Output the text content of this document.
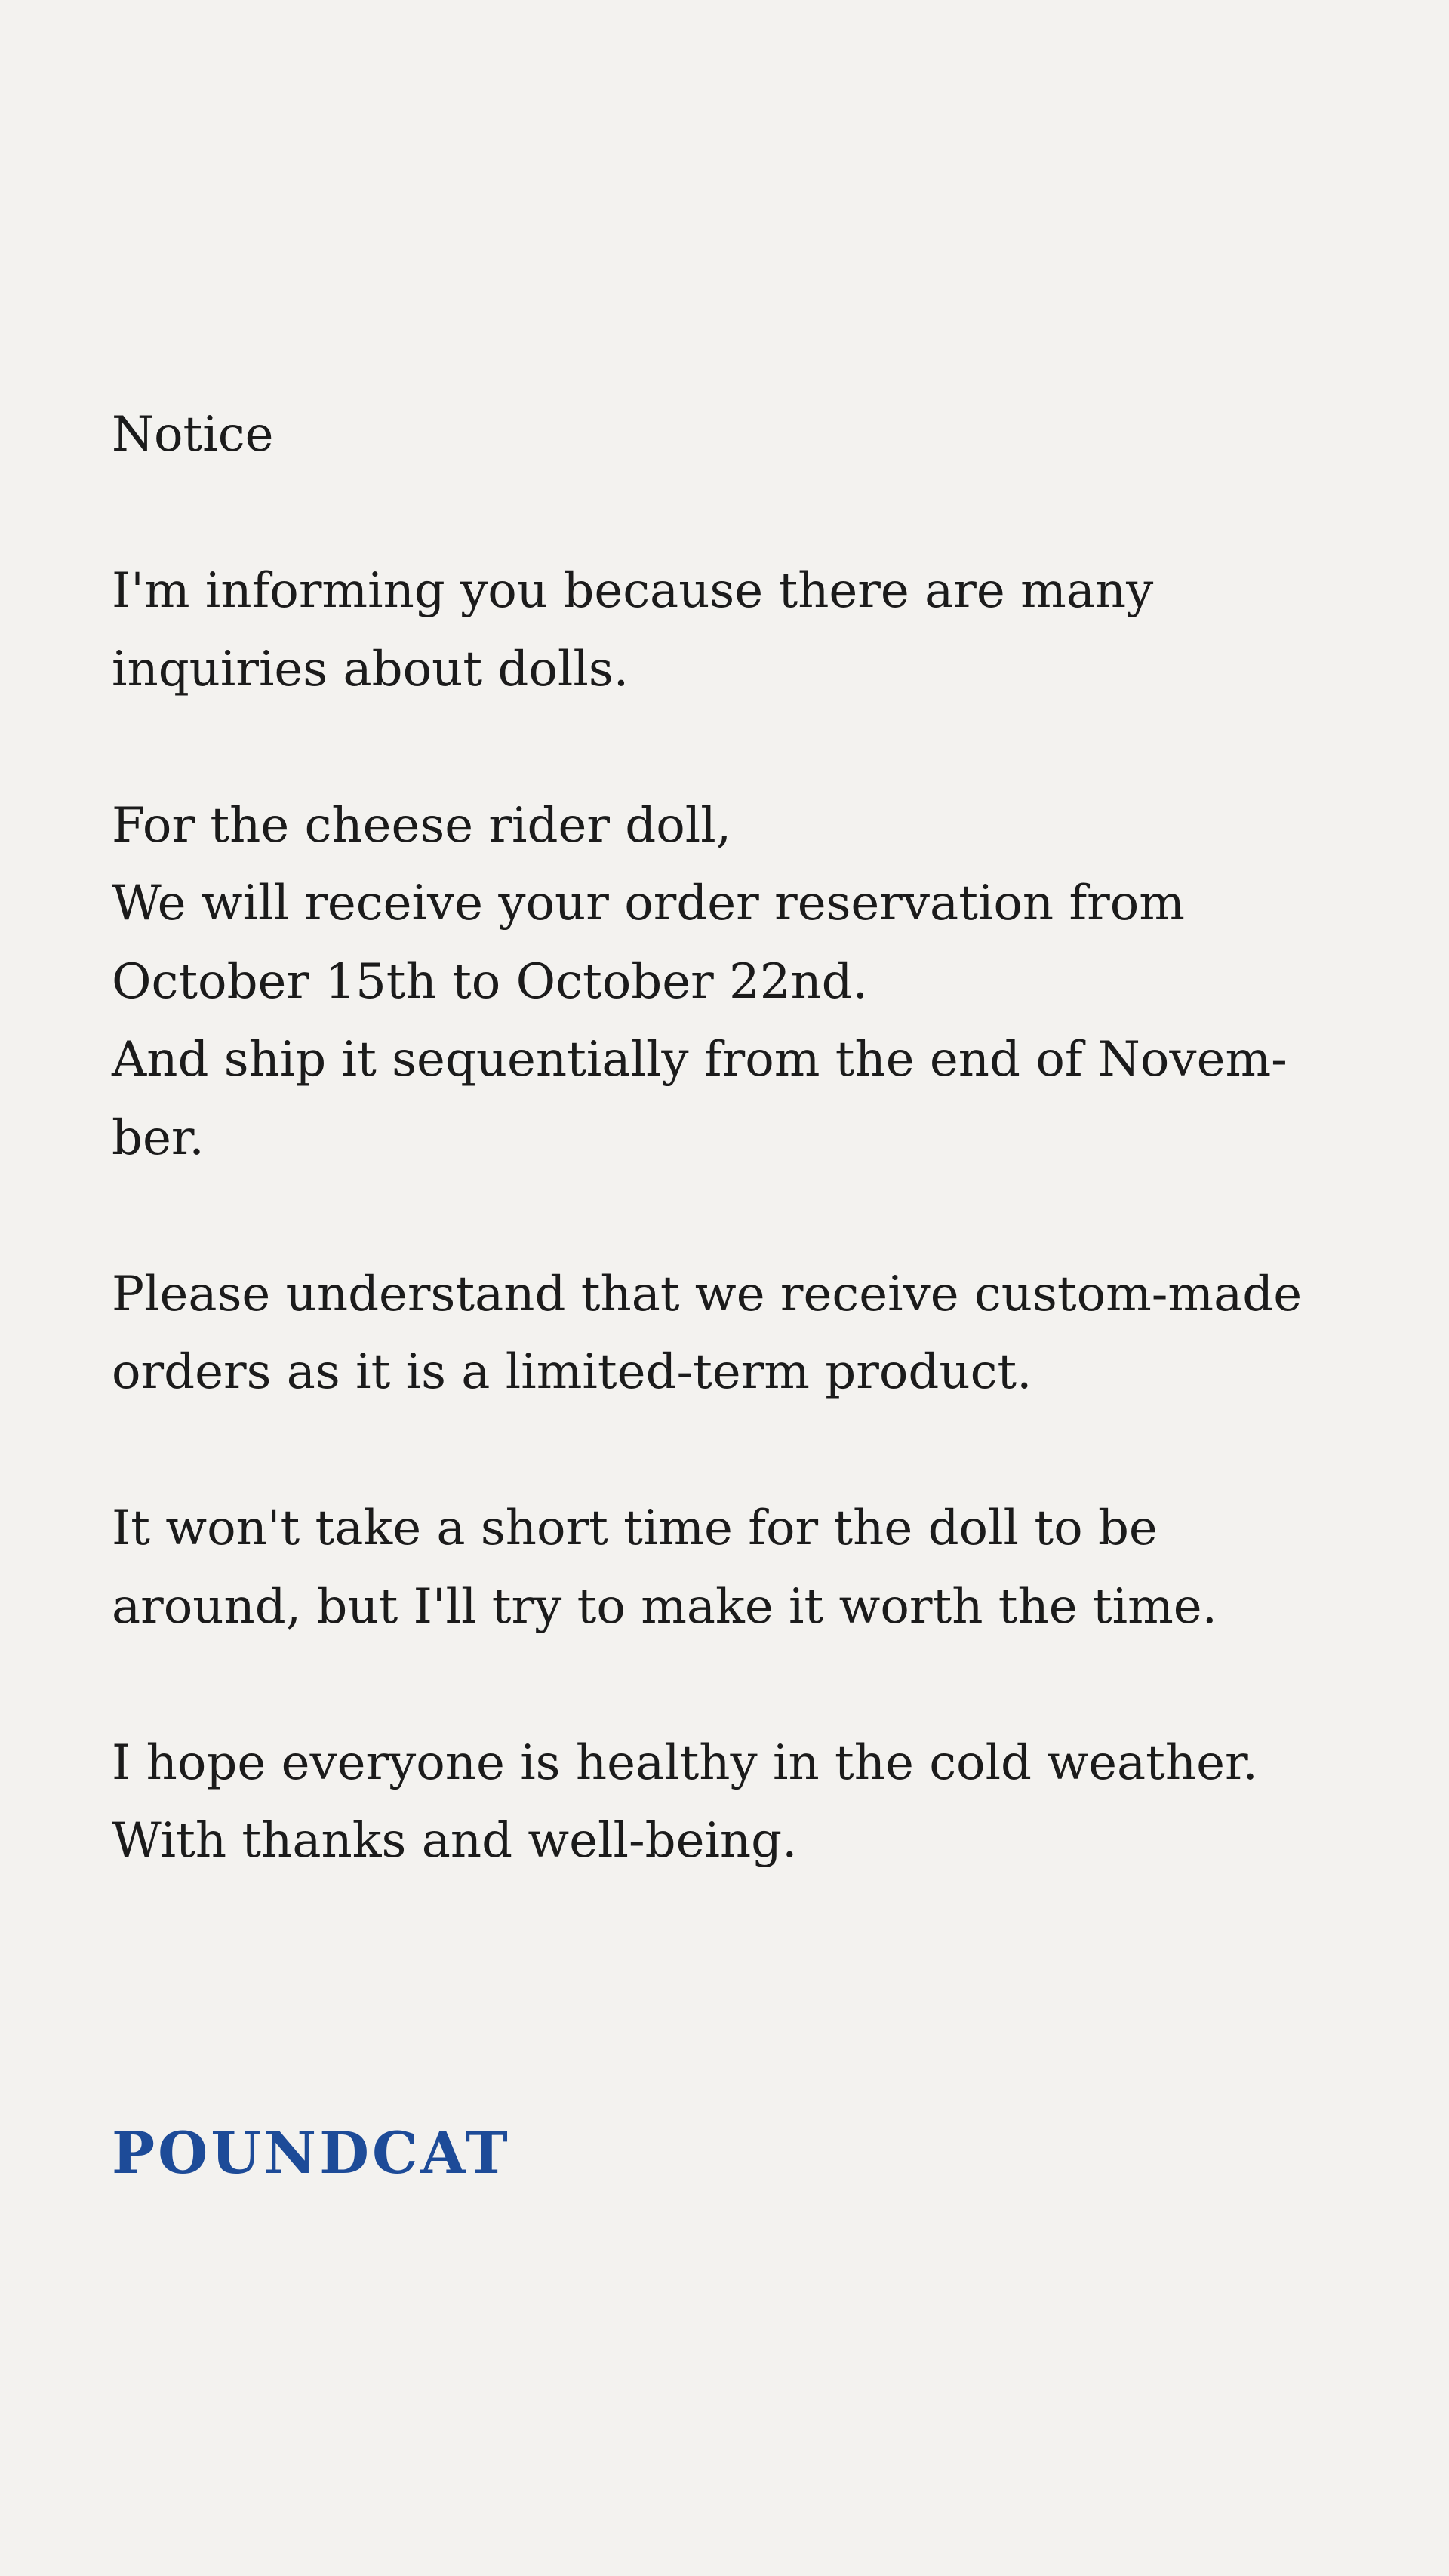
Notice
I'm informing you because there are many
inquiries about dolls.
For the cheese rider doll,
We will receive your order reservation from
October 15th to October 22nd.
And ship it sequentially from the end of Novem-
ber.
Please understand that we receive custom-made
orders as it is a limited-term product.
It won't take a short time for the doll to be
around, but I'll try to make it worth the time.
I hope everyone is healthy in the cold weather.
With thanks and well-being.
POUNDCAT
